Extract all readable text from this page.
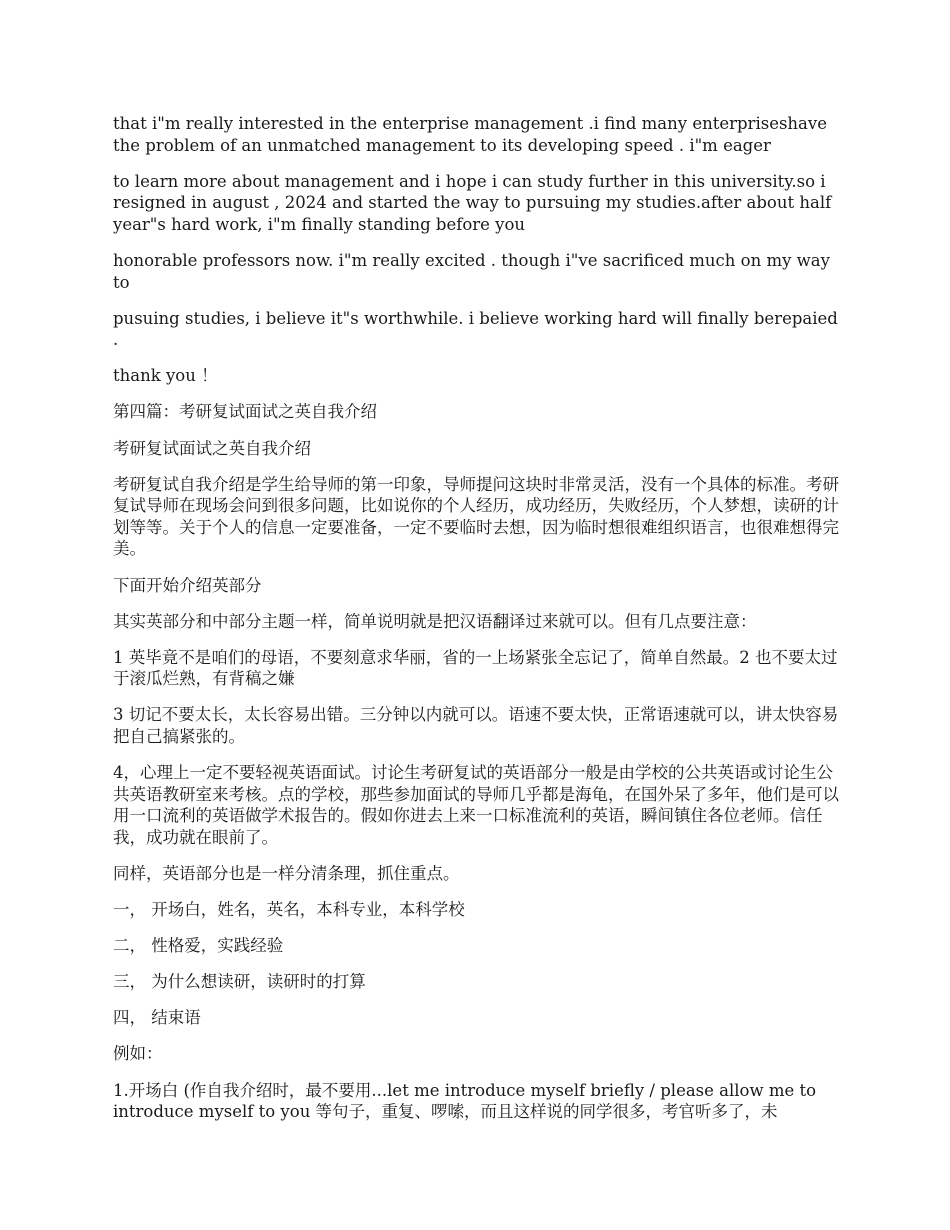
that i"m really interested in the enterprise management .i find many enterpriseshave the problem of an unmatched management to its developing speed . i"m eager

to learn more about management and i hope i can study further in this university.so i resigned in august , 2024 and started the way to pursuing my studies.after about half year"s hard work, i"m finally standing before you

honorable professors now. i"m really excited . though i"ve sacrificed much on my way to

pusuing studies, i believe it"s worthwhile. i believe working hard will finally berepaied .

thank you ！

第四篇：考研复试面试之英自我介绍

考研复试面试之英自我介绍

考研复试自我介绍是学生给导师的第一印象，导师提问这块时非常灵活，没有一个具体的标准。考研复试导师在现场会问到很多问题，比如说你的个人经历，成功经历，失败经历，个人梦想，读研的计划等等。关于个人的信息一定要准备，一定不要临时去想，因为临时想很难组织语言，也很难想得完美。

下面开始介绍英部分

其实英部分和中部分主题一样，简单说明就是把汉语翻译过来就可以。但有几点要注意：

1 英毕竟不是咱们的母语，不要刻意求华丽，省的一上场紧张全忘记了，简单自然最。2 也不要太过于滚瓜烂熟，有背稿之嫌

3 切记不要太长，太长容易出错。三分钟以内就可以。语速不要太快，正常语速就可以，讲太快容易把自己搞紧张的。

4，心理上一定不要轻视英语面试。讨论生考研复试的英语部分一般是由学校的公共英语或讨论生公共英语教研室来考核。点的学校，那些参加面试的导师几乎都是海龟，在国外呆了多年，他们是可以用一口流利的英语做学术报告的。假如你进去上来一口标准流利的英语，瞬间镇住各位老师。信任我，成功就在眼前了。

同样，英语部分也是一样分清条理，抓住重点。

一， 开场白，姓名，英名，本科专业，本科学校

二， 性格爱，实践经验

三， 为什么想读研，读研时的打算

四， 结束语

例如：

1.开场白 (作自我介绍时，最不要用...let me introduce myself briefly / please allow me to introduce myself to you 等句子，重复、啰嗦，而且这样说的同学很多，考官听多了，未
